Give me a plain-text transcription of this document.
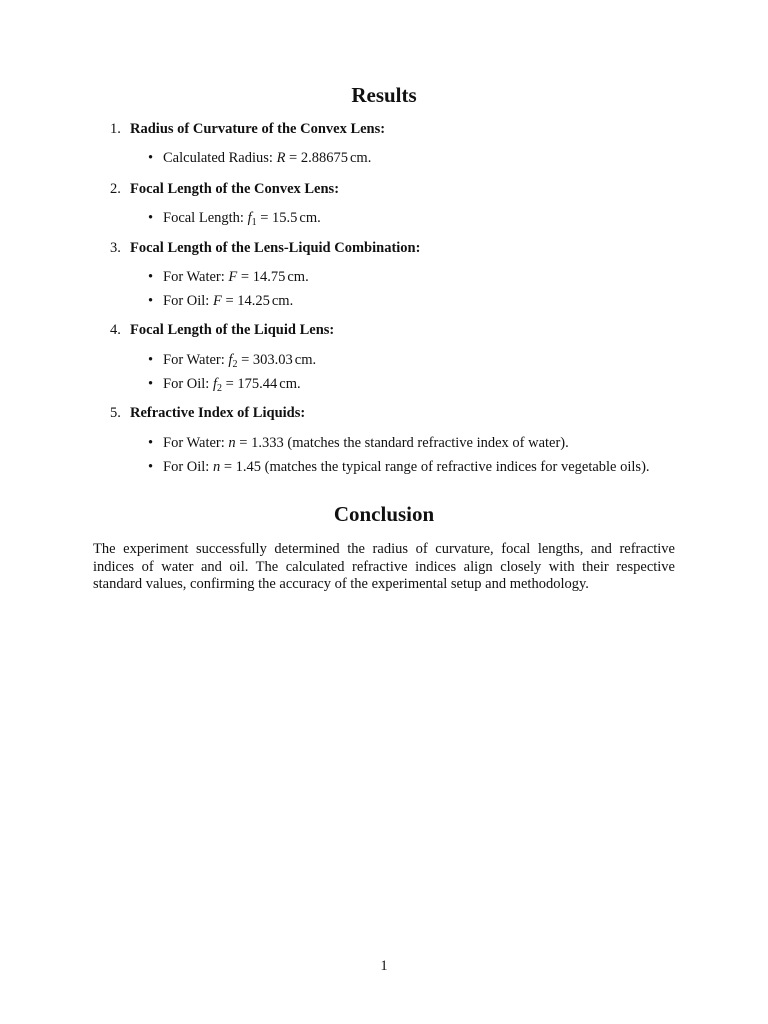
Results
1. Radius of Curvature of the Convex Lens:
• Calculated Radius: R = 2.88675 cm.
2. Focal Length of the Convex Lens:
• Focal Length: $f_1 = 15.5$ cm.
3. Focal Length of the Lens-Liquid Combination:
• For Water: F = 14.75 cm.
• For Oil: F = 14.25 cm.
4. Focal Length of the Liquid Lens:
• For Water: $f_2 = 303.03$ cm.
• For Oil: $f_2 = 175.44$ cm.
5. Refractive Index of Liquids:
• For Water: n = 1.333 (matches the standard refractive index of water).
• For Oil: n = 1.45 (matches the typical range of refractive indices for vegetable oils).
Conclusion

The experiment successfully determined the radius of curvature, focal lengths, and refractive indices of water and oil. The calculated refractive indices align closely with their respective standard values, confirming the accuracy of the experimental setup and methodology.

1
